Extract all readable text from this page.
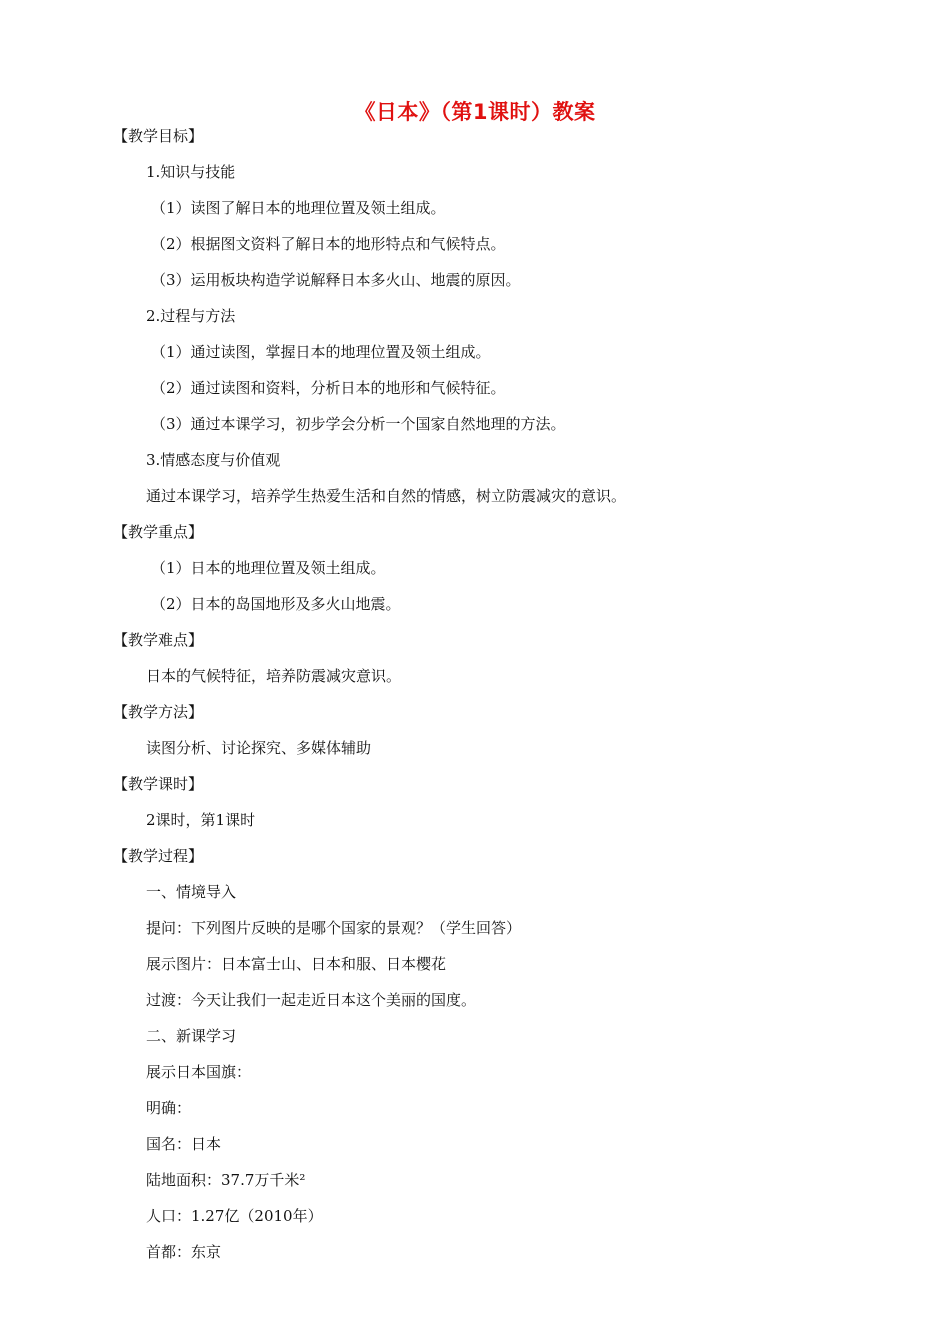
《日本》（第1课时）教案
【教学目标】
1.知识与技能
（1）读图了解日本的地理位置及领土组成。
（2）根据图文资料了解日本的地形特点和气候特点。
（3）运用板块构造学说解释日本多火山、地震的原因。
2.过程与方法
（1）通过读图，掌握日本的地理位置及领土组成。
（2）通过读图和资料，分析日本的地形和气候特征。
（3）通过本课学习，初步学会分析一个国家自然地理的方法。
3.情感态度与价值观
通过本课学习，培养学生热爱生活和自然的情感，树立防震减灾的意识。
【教学重点】
（1）日本的地理位置及领土组成。
（2）日本的岛国地形及多火山地震。
【教学难点】
日本的气候特征，培养防震减灾意识。
【教学方法】
读图分析、讨论探究、多媒体辅助
【教学课时】
2课时，第1课时
【教学过程】
一、情境导入
提问：下列图片反映的是哪个国家的景观？（学生回答）
展示图片：日本富士山、日本和服、日本樱花
过渡：今天让我们一起走近日本这个美丽的国度。
二、新课学习
展示日本国旗：
明确：
国名：日本
陆地面积：37.7万千米²
人口：1.27亿（2010年）
首都：东京
